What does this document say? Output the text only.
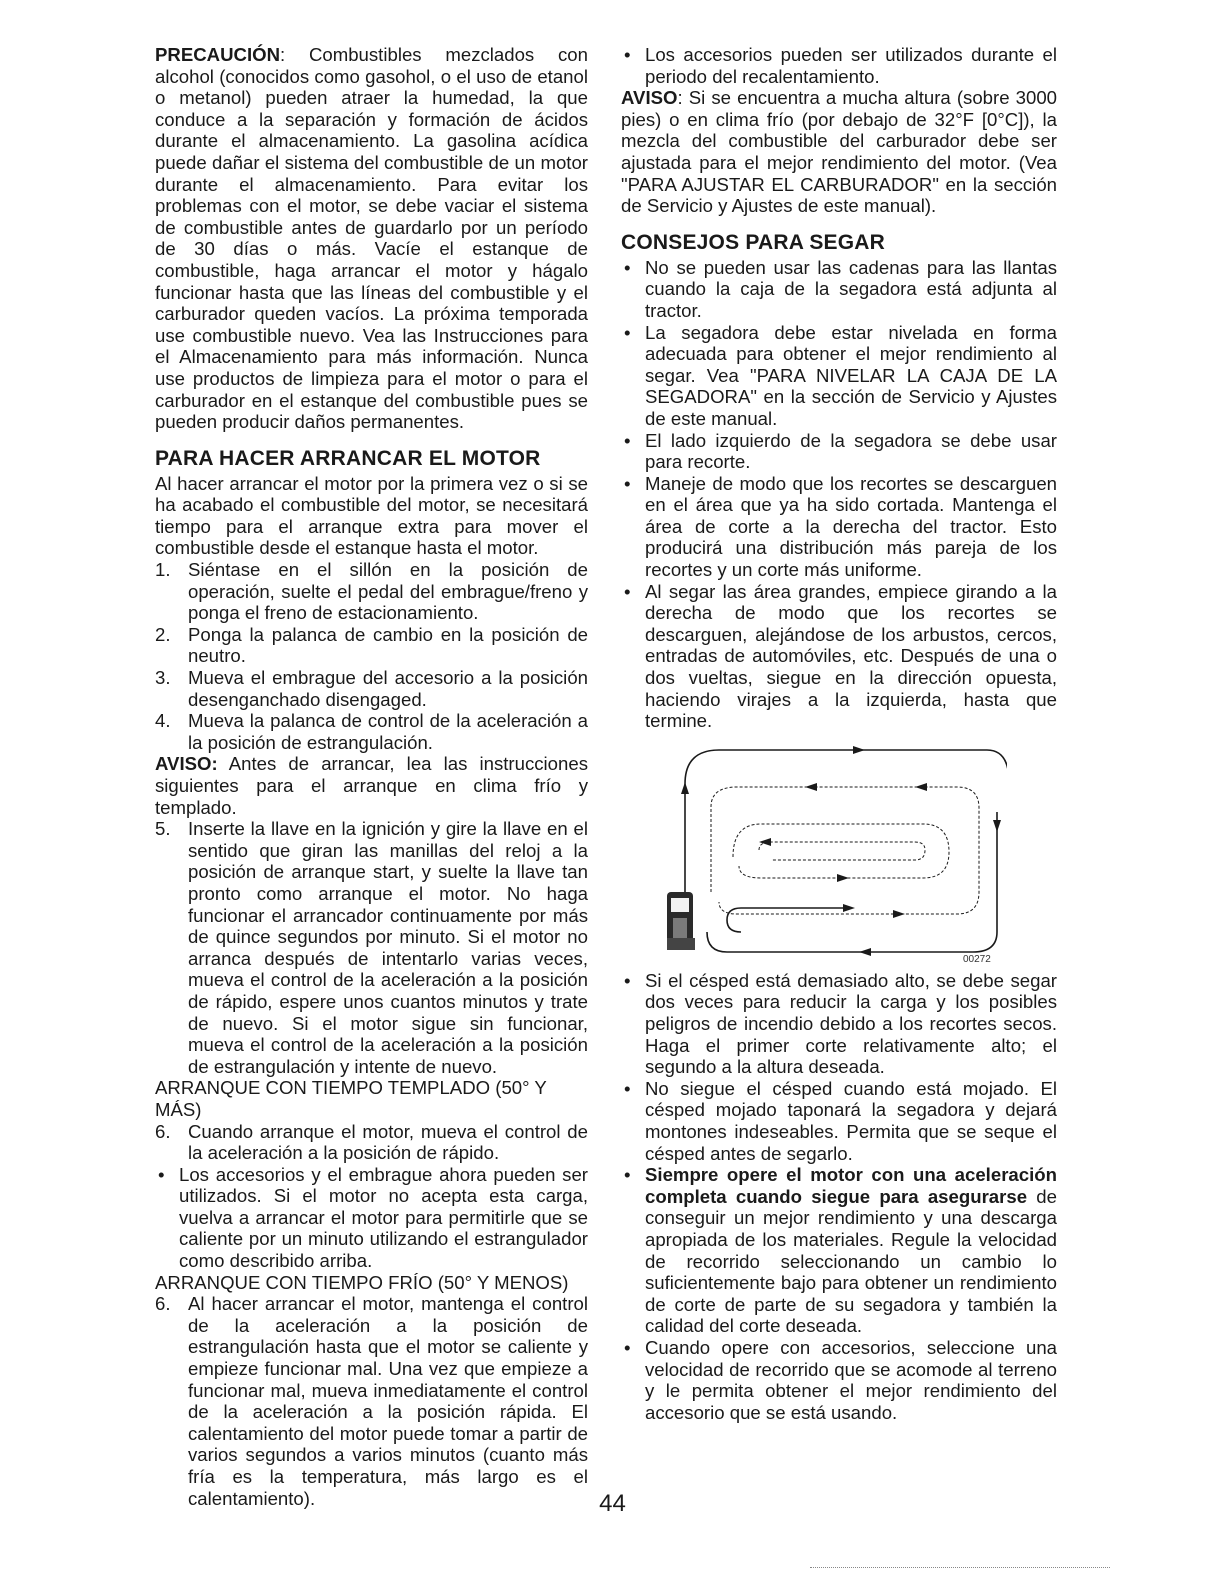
PRECAUCIÓN: Combustibles mezclados con alcohol (conocidos como gasohol, o el uso de etanol o metanol) pueden atraer la humedad, la que conduce a la separación y formación de ácidos durante el almacenamiento. La gasolina acídica puede dañar el sistema del combustible de un motor durante el almacenamiento. Para evitar los problemas con el motor, se debe vaciar el sistema de combustible antes de guardarlo por un período de 30 días o más. Vacíe el estanque de combustible, haga arrancar el motor y hágalo funcionar hasta que las líneas del combustible y el carburador queden vacíos. La próxima temporada use combustible nuevo. Vea las Instrucciones para el Almacenamiento para más información. Nunca use productos de limpieza para el motor o para el carburador en el estanque del combustible pues se pueden producir daños permanentes.

PARA HACER ARRANCAR EL MOTOR

Al hacer arrancar el motor por la primera vez o si se ha acabado el combustible del motor, se necesitará tiempo para el arranque extra para mover el combustible desde el estanque hasta el motor.

1. Siéntase en el sillón en la posición de operación, suelte el pedal del embrague/freno y ponga el freno de estacionamiento.
2. Ponga la palanca de cambio en la posición de neutro.
3. Mueva el embrague del accesorio a la posición desenganchado disengaged.
4. Mueva la palanca de control de la aceleración a la posición de estrangulación.

AVISO: Antes de arrancar, lea las instrucciones siguientes para el arranque en clima frío y templado.

5. Inserte la llave en la ignición y gire la llave en el sentido que giran las manillas del reloj a la posición de arranque start, y suelte la llave tan pronto como arranque el motor. No haga funcionar el arrancador continuamente por más de quince segundos por minuto. Si el motor no arranca después de intentarlo varias veces, mueva el control de la aceleración a la posición de rápido, espere unos cuantos minutos y trate de nuevo. Si el motor sigue sin funcionar, mueva el control de la aceleración a la posición de estrangulación y intente de nuevo.

ARRANQUE CON TIEMPO TEMPLADO (50° Y MÁS)

6. Cuando arranque el motor, mueva el control de la aceleración a la posición de rápido.
• Los accesorios y el embrague ahora pueden ser utilizados. Si el motor no acepta esta carga, vuelva a arrancar el motor para permitirle que se caliente por un minuto utilizando el estrangulador como describido arriba.

ARRANQUE CON TIEMPO FRÍO (50° Y MENOS)

6. Al hacer arrancar el motor, mantenga el control de la aceleración a la posición de estrangulación hasta que el motor se caliente y empieze funcionar mal. Una vez que empieze a funcionar mal, mueva inmediatamente el control de la aceleración a la posición rápida. El calentamiento del motor puede tomar a partir de varios segundos a varios minutos (cuanto más fría es la temperatura, más largo es el calentamiento).
• Los accesorios pueden ser utilizados durante el periodo del recalentamiento.

AVISO: Si se encuentra a mucha altura (sobre 3000 pies) o en clima frío (por debajo de 32°F [0°C]), la mezcla del combustible del carburador debe ser ajustada para el mejor rendimiento del motor. (Vea "PARA AJUSTAR EL CARBURADOR" en la sección de Servicio y Ajustes de este manual).

CONSEJOS PARA SEGAR
• No se pueden usar las cadenas para las llantas cuando la caja de la segadora está adjunta al tractor.
• La segadora debe estar nivelada en forma adecuada para obtener el mejor rendimiento al segar. Vea "PARA NIVELAR LA CAJA DE LA SEGADORA" en la sección de Servicio y Ajustes de este manual.
• El lado izquierdo de la segadora se debe usar para recorte.
• Maneje de modo que los recortes se descarguen en el área que ya ha sido cortada. Mantenga el área de corte a la derecha del tractor. Esto producirá una distribución más pareja de los recortes y un corte más uniforme.
• Al segar las área grandes, empiece girando a la derecha de modo que los recortes se descarguen, alejándose de los arbustos, cercos, entradas de automóviles, etc. Después de una o dos vueltas, siegue en la dirección opuesta, haciendo virajes a la izquierda, hasta que termine.
00272
• Si el césped está demasiado alto, se debe segar dos veces para reducir la carga y los posibles peligros de incendio debido a los recortes secos. Haga el primer corte relativamente alto; el segundo a la altura deseada.
• No siegue el césped cuando está mojado. El césped mojado taponará la segadora y dejará montones indeseables. Permita que se seque el césped antes de segarlo.
• Siempre opere el motor con una aceleración completa cuando siegue para asegurarse de conseguir un mejor rendimiento y una descarga apropiada de los materiales. Regule la velocidad de recorrido seleccionando un cambio lo suficientemente bajo para obtener un rendimiento de corte de parte de su segadora y también la calidad del corte deseada.
• Cuando opere con accesorios, seleccione una velocidad de recorrido que se acomode al terreno y le permita obtener el mejor rendimiento del accesorio que se está usando.
44
